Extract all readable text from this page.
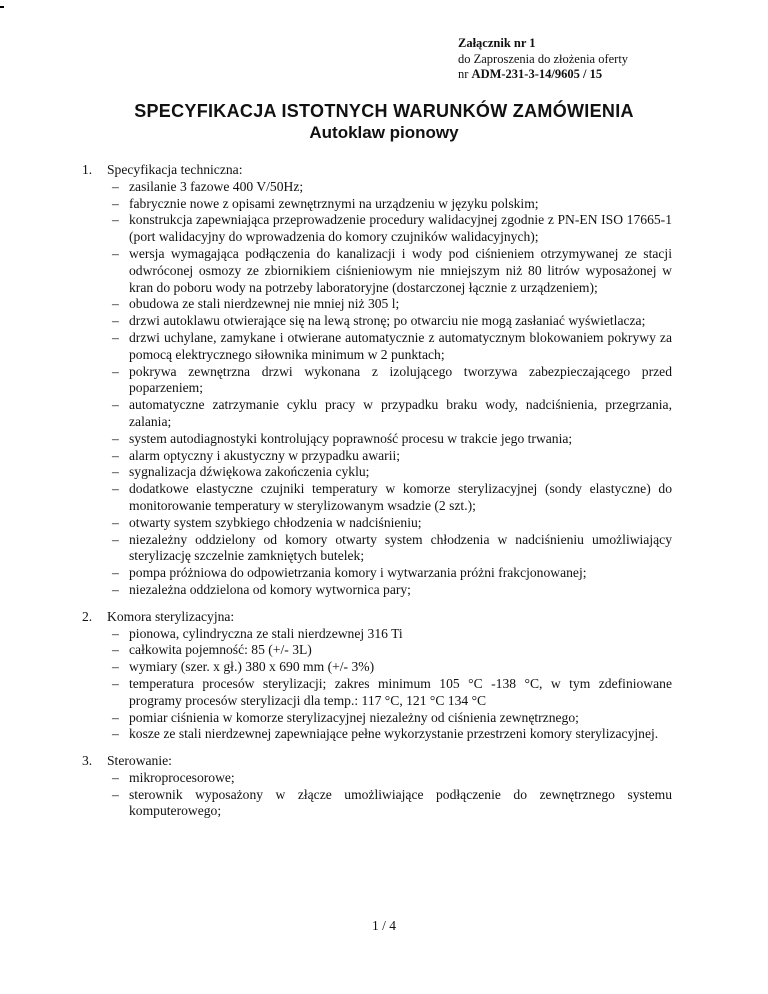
Załącznik nr 1
do Zaproszenia do złożenia oferty
nr ADM-231-3-14/9605 / 15
SPECYFIKACJA ISTOTNYCH WARUNKÓW ZAMÓWIENIA
Autoklaw pionowy
1. Specyfikacja techniczna:
– zasilanie 3 fazowe 400 V/50Hz;
– fabrycznie nowe z opisami zewnętrznymi na urządzeniu w języku polskim;
– konstrukcja zapewniająca przeprowadzenie procedury walidacyjnej zgodnie z PN-EN ISO 17665-1 (port walidacyjny do wprowadzenia do komory czujników walidacyjnych);
– wersja wymagająca podłączenia do kanalizacji i wody pod ciśnieniem otrzymywanej ze stacji odwróconej osmozy ze zbiornikiem ciśnieniowym nie mniejszym niż 80 litrów wyposażonej w kran do poboru wody na potrzeby laboratoryjne (dostarczonej łącznie z urządzeniem);
– obudowa ze stali nierdzewnej nie mniej niż 305 l;
– drzwi autoklawu otwierające się na lewą stronę; po otwarciu nie mogą zasłaniać wyświetlacza;
– drzwi uchylane, zamykane i otwierane automatycznie z automatycznym blokowaniem pokrywy za pomocą elektrycznego siłownika minimum w 2 punktach;
– pokrywa zewnętrzna drzwi wykonana z izolującego tworzywa zabezpieczającego przed poparzeniem;
– automatyczne zatrzymanie cyklu pracy w przypadku braku wody, nadciśnienia, przegrzania, zalania;
– system autodiagnostyki kontrolujący poprawność procesu w trakcie jego trwania;
– alarm optyczny i akustyczny w przypadku awarii;
– sygnalizacja dźwiękowa zakończenia cyklu;
– dodatkowe elastyczne czujniki temperatury w komorze sterylizacyjnej (sondy elastyczne) do monitorowanie temperatury w sterylizowanym wsadzie (2 szt.);
– otwarty system szybkiego chłodzenia w nadciśnieniu;
– niezależny oddzielony od komory otwarty system chłodzenia w nadciśnieniu umożliwiający sterylizację szczelnie zamkniętych butelek;
– pompa próżniowa do odpowietrzania komory i wytwarzania próżni frakcjonowanej;
– niezależna oddzielona od komory wytwornica pary;
2. Komora sterylizacyjna:
– pionowa, cylindryczna ze stali nierdzewnej 316 Ti
– całkowita pojemność: 85 (+/- 3L)
– wymiary (szer. x gł.) 380 x 690 mm (+/- 3%)
– temperatura procesów sterylizacji; zakres minimum 105 °C -138 °C, w tym zdefiniowane programy procesów sterylizacji dla temp.: 117 °C, 121 °C 134 °C
– pomiar ciśnienia w komorze sterylizacyjnej niezależny od ciśnienia zewnętrznego;
– kosze ze stali nierdzewnej zapewniające pełne wykorzystanie przestrzeni komory sterylizacyjnej.
3. Sterowanie:
– mikroprocesorowe;
– sterownik wyposażony w złącze umożliwiające podłączenie do zewnętrznego systemu komputerowego;
1 / 4
